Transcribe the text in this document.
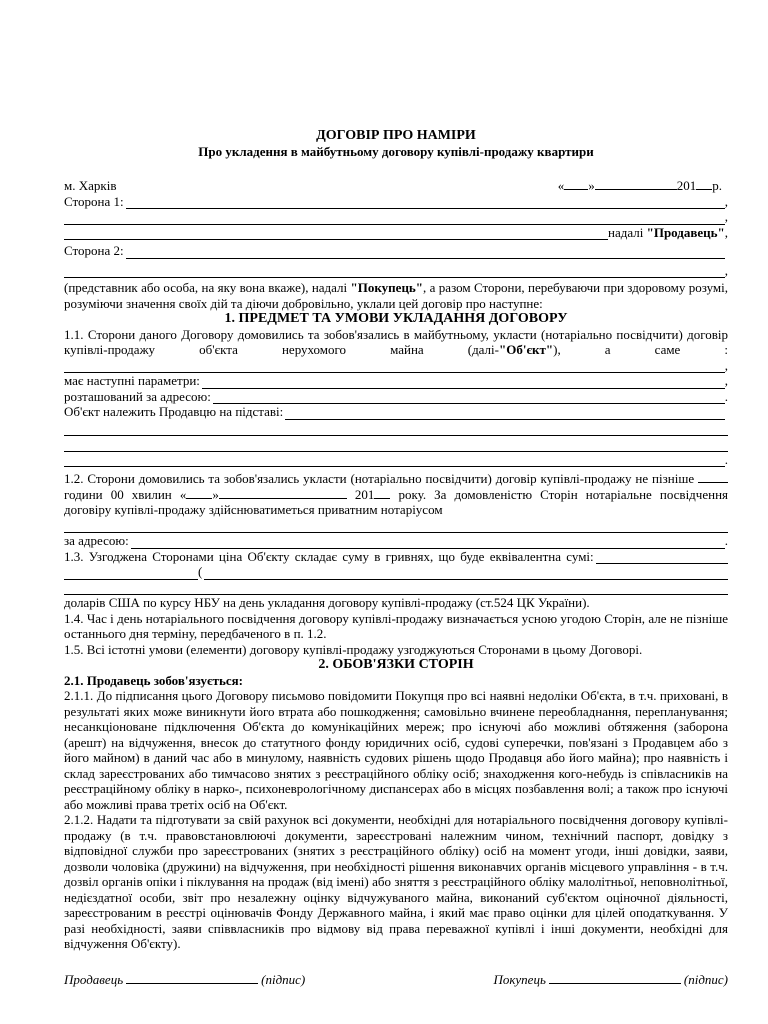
ДОГОВІР ПРО НАМІРИ
Про укладення в майбутньому договору купівлі-продажу квартири
м. Харків	« »	201 р.
Сторона 1:	,
,
надалі
"Продавець" ,
Сторона 2:

,
(представник або особа, на яку вона вкаже), надалі "Покупець", а разом Сторони, перебуваючи при здоровому розумі, розуміючи значення своїх дій та діючи добровільно, уклали цей договір про наступне:
1. ПРЕДМЕТ ТА УМОВИ УКЛАДАННЯ ДОГОВОРУ
1.1. Сторони даного Договору домовились та зобов'язались в майбутньому, укласти (нотаріально посвідчити) договір купівлі-продажу об'єкта нерухомого майна (далі-"Об'єкт"), а саме :
,
має наступні параметри:	,
розташований за адресою:	.
Об'єкт належить Продавцю на підставі:

.
1.2. Сторони домовились та зобов'язались укласти (нотаріально посвідчити) договір купівлі-продажу не пізніше  години 00 хвилин « »	201 року. За домовленістю Сторін нотаріальне посвідчення договіру купівлі-продажу здійснюватиметься приватним нотаріусом
за адресою:	.
1.3. Узгоджена Сторонами ціна Об'єкту складає суму в гривнях, що буде еквівалентна сумі:
(
доларів США по курсу НБУ на день укладання договору купівлі-продажу (ст.524 ЦК України).
1.4. Час і день нотаріального посвідчення договору купівлі-продажу визначається усною угодою Сторін, але не пізніше останнього дня терміну, передбаченого в п. 1.2.
1.5. Всі істотні умови (елементи) договору купівлі-продажу узгоджуються Сторонами в цьому Договорі.
2. ОБОВ'ЯЗКИ СТОРІН
2.1. Продавець зобов'язується:
2.1.1. До підписання цього Договору письмово повідомити Покупця про всі наявні недоліки Об'єкта, в т.ч. приховані, в результаті яких може виникнути його втрата або пошкодження; самовільно вчинене переобладнання, перепланування; несанкціоноване підключення Об'єкта до комунікаційних мереж; про існуючі або можливі обтяження (заборона (арешт) на відчуження, внесок до статутного фонду юридичних осіб, судові суперечки, пов'язані з Продавцем або з його майном) в даний час або в минулому, наявність судових рішень щодо Продавця або його майна); про наявність і склад зареєстрованих або тимчасово знятих з реєстраційного обліку осіб; знаходження кого-небудь із співласників на реєстраційному обліку в нарко-, психоневрологічному диспансерах або в місцях позбавлення волі; а також про існуючі або можливі права третіх осіб на Об'єкт.
2.1.2. Надати та підготувати за свій рахунок всі документи, необхідні для нотаріального посвідчення договору купівлі-продажу (в т.ч. правовстановлюючі документи, зареєстровані належним чином, технічний паспорт, довідку з відповідної служби про зареєстрованих (знятих з реєстраційного обліку) осіб на момент угоди, інші довідки, заяви, дозволи чоловіка (дружини) на відчуження, при необхідності рішення виконавчих органів місцевого управління - в т.ч. дозвіл органів опіки і піклування на продаж (від імені) або зняття з реєстраційного обліку малолітньої, неповнолітньої, недієздатної особи, звіт про незалежну оцінку відчужуваного майна, виконаний суб'єктом оціночної діяльності, зареєстрованим в реєстрі оцінювачів Фонду Державного майна, і який має право оцінки для цілей оподаткування. У разі необхідності, заяви співвласників про відмову від права переважної купівлі і інші документи, необхідні для відчуження Об'єкту).
Продавець	(підпис)	Покупець	(підпис)
